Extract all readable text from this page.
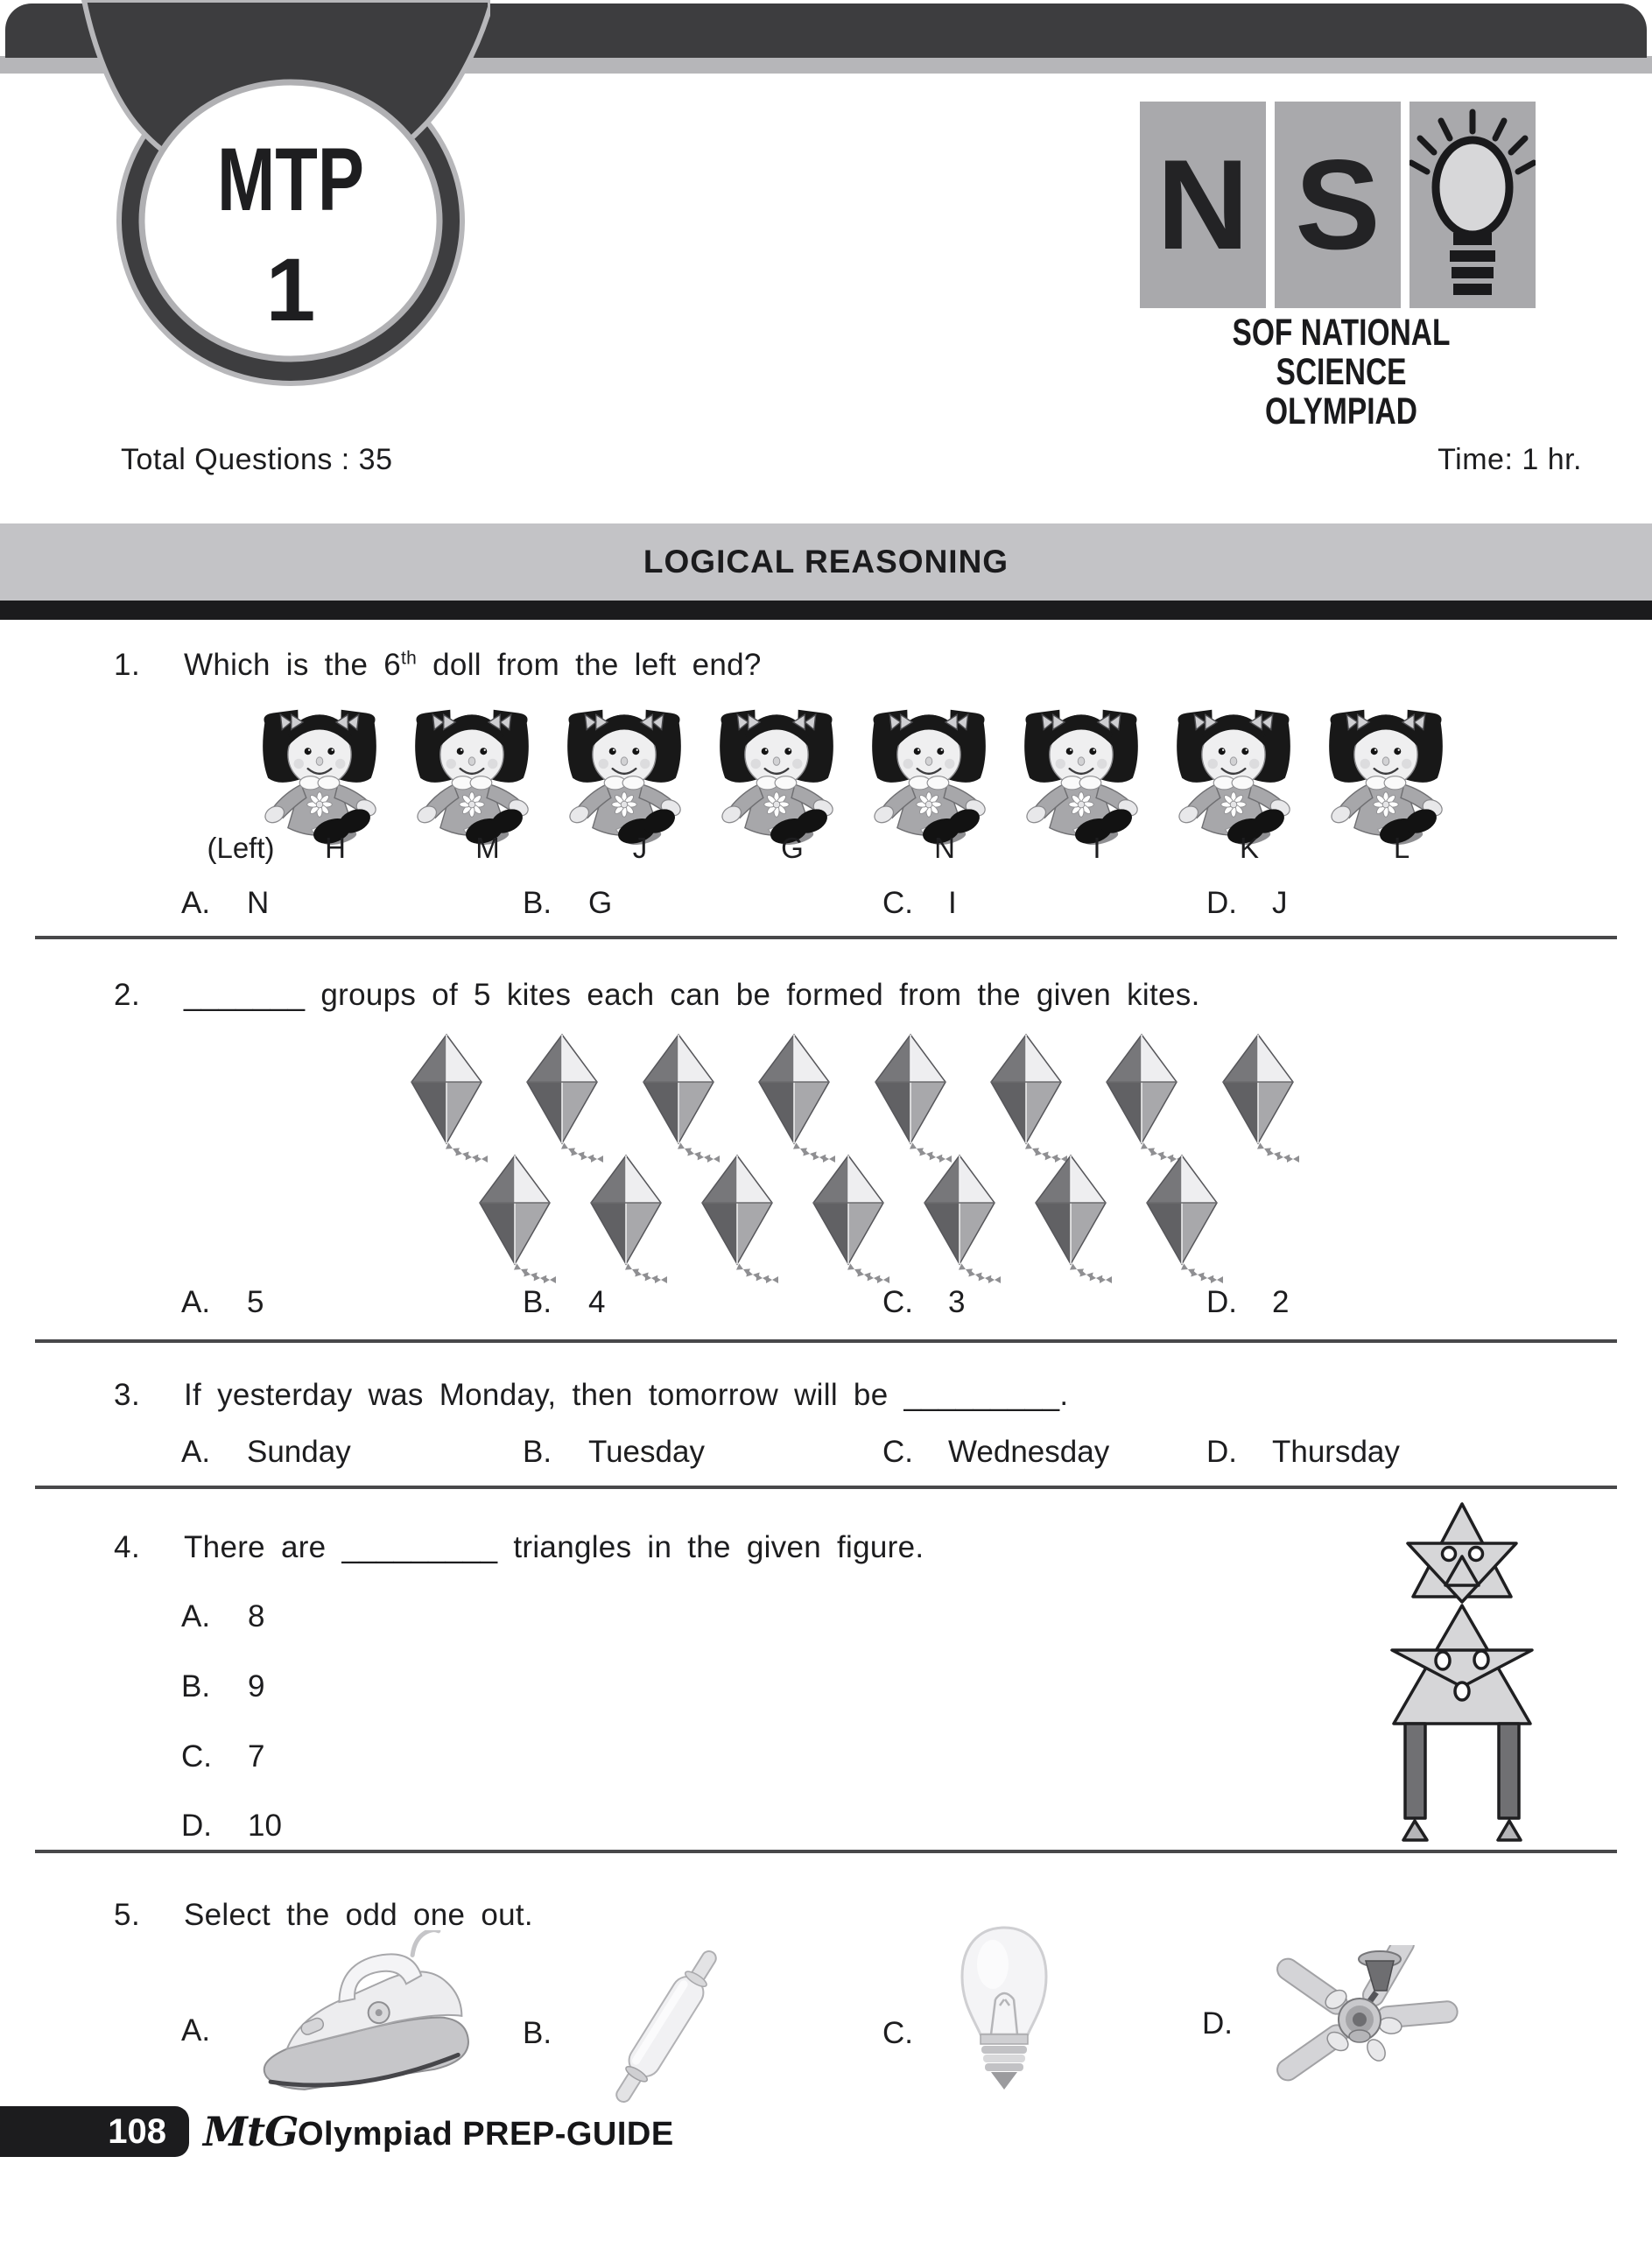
MTP
1
N S
SOF NATIONAL SCIENCE
OLYMPIAD
Total Questions : 35	Time: 1 hr.
LOGICAL REASONING
1. Which is the 6th doll from the left end?
H	M	J	G	N	I	K	L
(Left)
2. _______ groups of 5 kites each can be formed from the given kites.
3. If yesterday was Monday, then tomorrow will be _________.
4. There are _________ triangles in the given figure.
A. 8
B. 9
C. 7
D. 10
5. Select the odd one out.
A.	B.	C.	D.
108 MtG Olympiad PREP-GUIDE
A. N	B. G	C. I	D. J
A. 5	B. 4	C. 3	D. 2
A. Sunday	B. Tuesday	C. Wednesday	D. Thursday
